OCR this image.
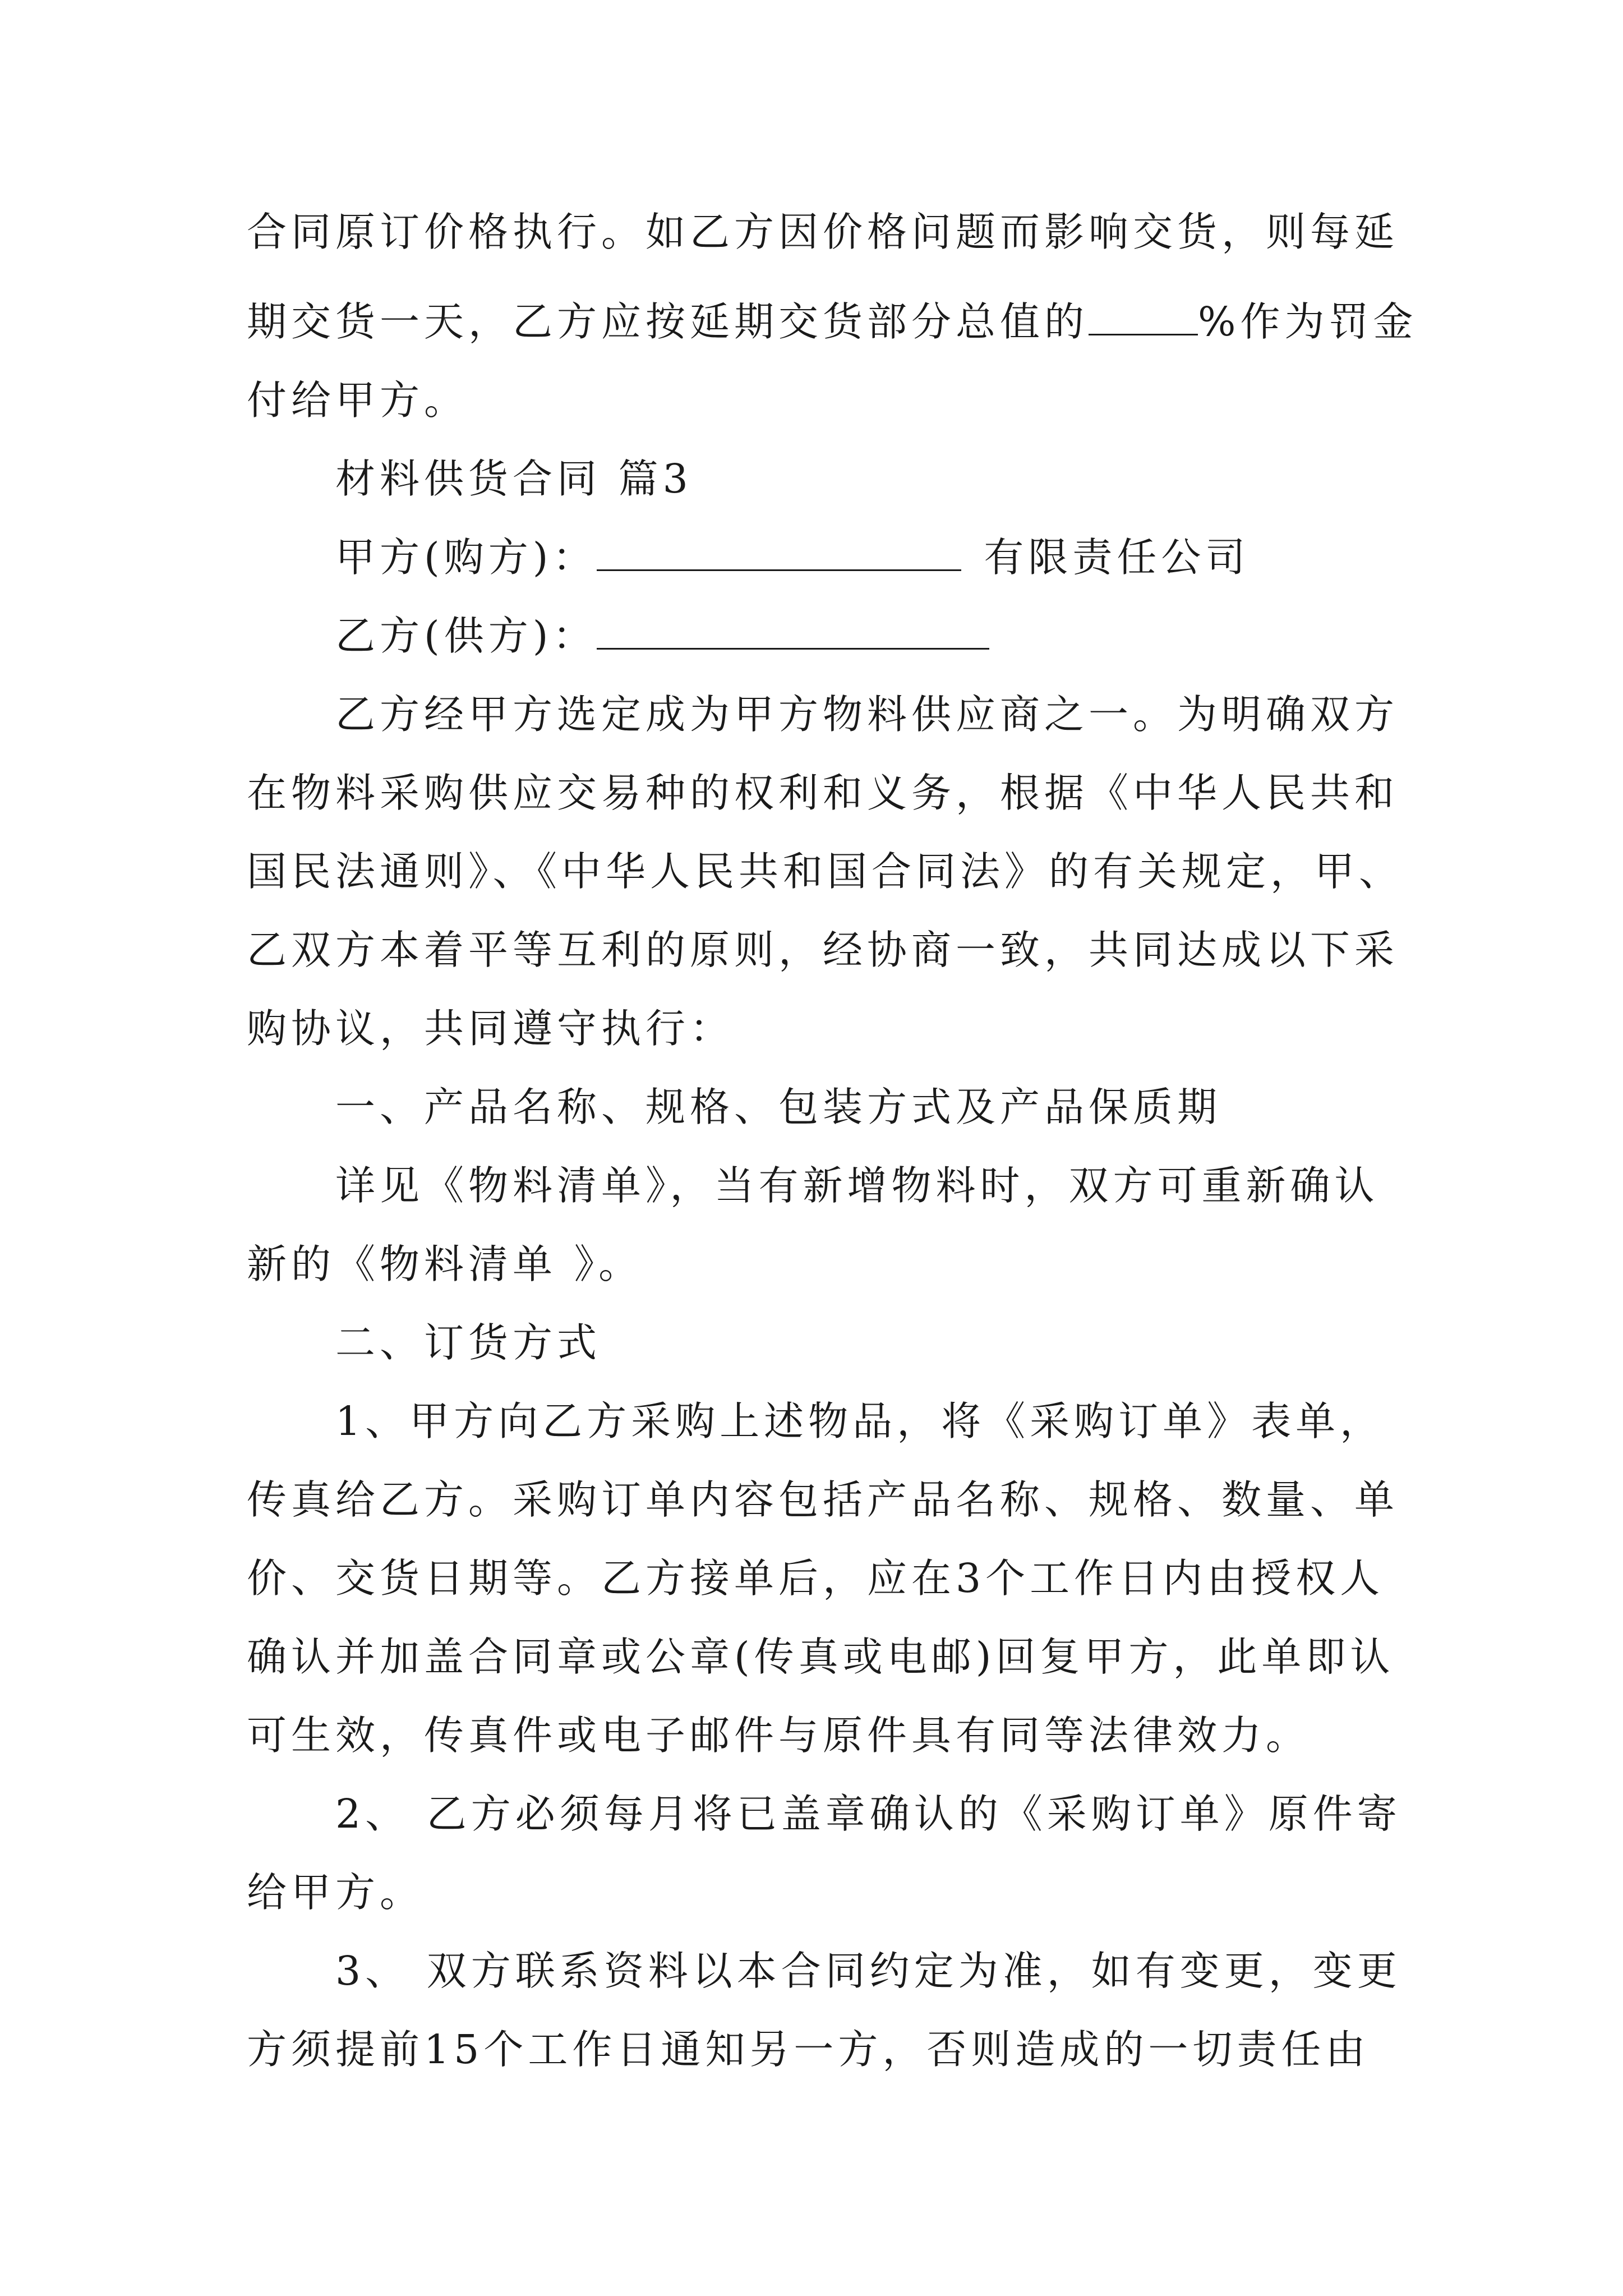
合同原订价格执行。如乙方因价格问题而影响交货，则每延
期交货一天，乙方应按延期交货部分总值的	%作为罚金
付给甲方。
材料供货合同 篇3
甲方(购方)：	有限责任公司
乙方(供方)：
乙方经甲方选定成为甲方物料供应商之一。为明确双方
在物料采购供应交易种的权利和义务，根据《中华人民共和
国民法通则》、《中华人民共和国合同法》的有关规定，甲、
乙双方本着平等互利的原则，经协商一致，共同达成以下采
购协议，共同遵守执行：
一、产品名称、规格、包装方式及产品保质期
详见《物料清单》，当有新增物料时，双方可重新确认
新的《物料清单 》。
二、订货方式
1、甲方向乙方采购上述物品，将《采购订单》表单，
传真给乙方。采购订单内容包括产品名称、规格、数量、单
价、交货日期等。乙方接单后，应在3个工作日内由授权人
确认并加盖合同章或公章(传真或电邮)回复甲方，此单即认
可生效，传真件或电子邮件与原件具有同等法律效力。
2、 乙方必须每月将已盖章确认的《采购订单》原件寄
给甲方。
3、 双方联系资料以本合同约定为准，如有变更，变更
方须提前15个工作日通知另一方，否则造成的一切责任由
